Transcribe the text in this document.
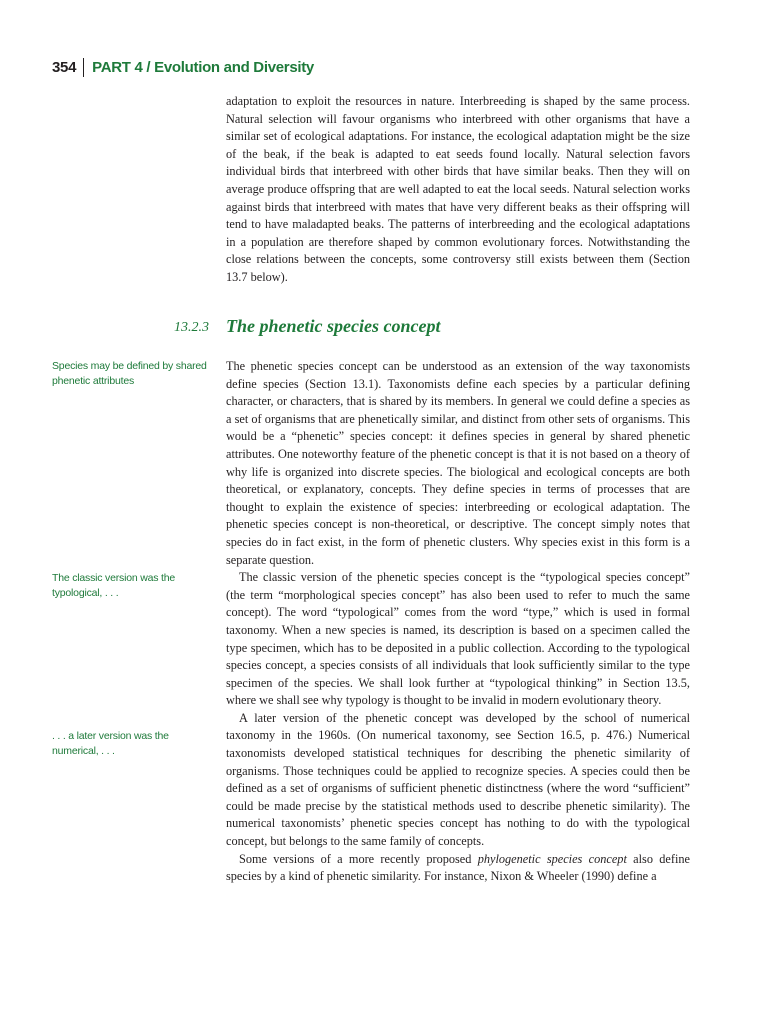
354 PART 4 / Evolution and Diversity

adaptation to exploit the resources in nature. Interbreeding is shaped by the same process. Natural selection will favour organisms who interbreed with other organisms that have a similar set of ecological adaptations. For instance, the ecological adaptation might be the size of the beak, if the beak is adapted to eat seeds found locally. Natural selection favors individual birds that interbreed with other birds that have similar beaks. Then they will on average produce offspring that are well adapted to eat the local seeds. Natural selection works against birds that interbreed with mates that have very different beaks as their offspring will tend to have maladapted beaks. The patterns of interbreeding and the ecological adaptations in a population are therefore shaped by common evolutionary forces. Notwithstanding the close relations between the concepts, some controversy still exists between them (Section 13.7 below).

13.2.3 The phenetic species concept
Species may be defined by shared phenetic attributes
The classic version was the typological, . . .
. . . a later version was the numerical, . . .

The phenetic species concept can be understood as an extension of the way taxonomists define species (Section 13.1). Taxonomists define each species by a particular defining character, or characters, that is shared by its members. In general we could define a species as a set of organisms that are phenetically similar, and distinct from other sets of organisms. This would be a “phenetic” species concept: it defines species in general by shared phenetic attributes. One noteworthy feature of the phenetic concept is that it is not based on a theory of why life is organized into discrete species. The biological and ecological concepts are both theoretical, or explanatory, concepts. They define species in terms of processes that are thought to explain the existence of species: interbreeding or ecological adaptation. The phenetic species concept is non-theoretical, or descriptive. The concept simply notes that species do in fact exist, in the form of phenetic clusters. Why species exist in this form is a separate question.

The classic version of the phenetic species concept is the “typological species concept” (the term “morphological species concept” has also been used to refer to much the same concept). The word “typological” comes from the word “type,” which is used in formal taxonomy. When a new species is named, its description is based on a specimen called the type specimen, which has to be deposited in a public collection. According to the typological species concept, a species consists of all individuals that look sufficiently similar to the type specimen of the species. We shall look further at “typological thinking” in Section 13.5, where we shall see why typology is thought to be invalid in modern evolutionary theory.

A later version of the phenetic concept was developed by the school of numerical taxonomy in the 1960s. (On numerical taxonomy, see Section 16.5, p. 476.) Numerical taxonomists developed statistical techniques for describing the phenetic similarity of organisms. Those techniques could be applied to recognize species. A species could then be defined as a set of organisms of sufficient phenetic distinctness (where the word “sufficient” could be made precise by the statistical methods used to describe phenetic similarity). The numerical taxonomists’ phenetic species concept has nothing to do with the typological concept, but belongs to the same family of concepts.

Some versions of a more recently proposed phylogenetic species concept also define species by a kind of phenetic similarity. For instance, Nixon & Wheeler (1990) define a
